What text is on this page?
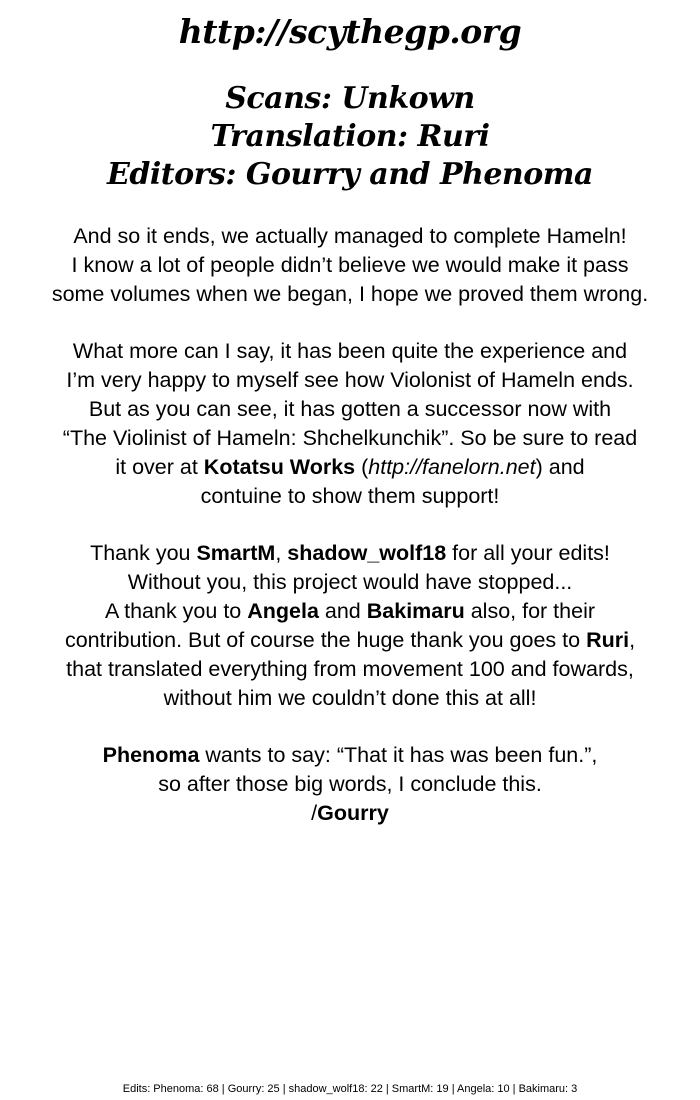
http://scythegp.org
Scans: Unkown
Translation: Ruri
Editors: Gourry and Phenoma
And so it ends, we actually managed to complete Hameln!
I know a lot of people didn’t believe we would make it pass
some volumes when we began, I hope we proved them wrong.
What more can I say, it has been quite the experience and
I’m very happy to myself see how Violonist of Hameln ends.
But as you can see, it has gotten a successor now with
“The Violinist of Hameln: Shchelkunchik”. So be sure to read
it over at Kotatsu Works (http://fanelorn.net) and
contuine to show them support!
Thank you SmartM, shadow_wolf18 for all your edits!
Without you, this project would have stopped...
A thank you to Angela and Bakimaru also, for their
contribution. But of course the huge thank you goes to Ruri,
that translated everything from movement 100 and fowards,
without him we couldn’t done this at all!
Phenoma wants to say: “That it has was been fun.”,
so after those big words, I conclude this.
/Gourry
Edits: Phenoma: 68 | Gourry: 25 | shadow_wolf18: 22 | SmartM: 19 | Angela: 10 | Bakimaru: 3
